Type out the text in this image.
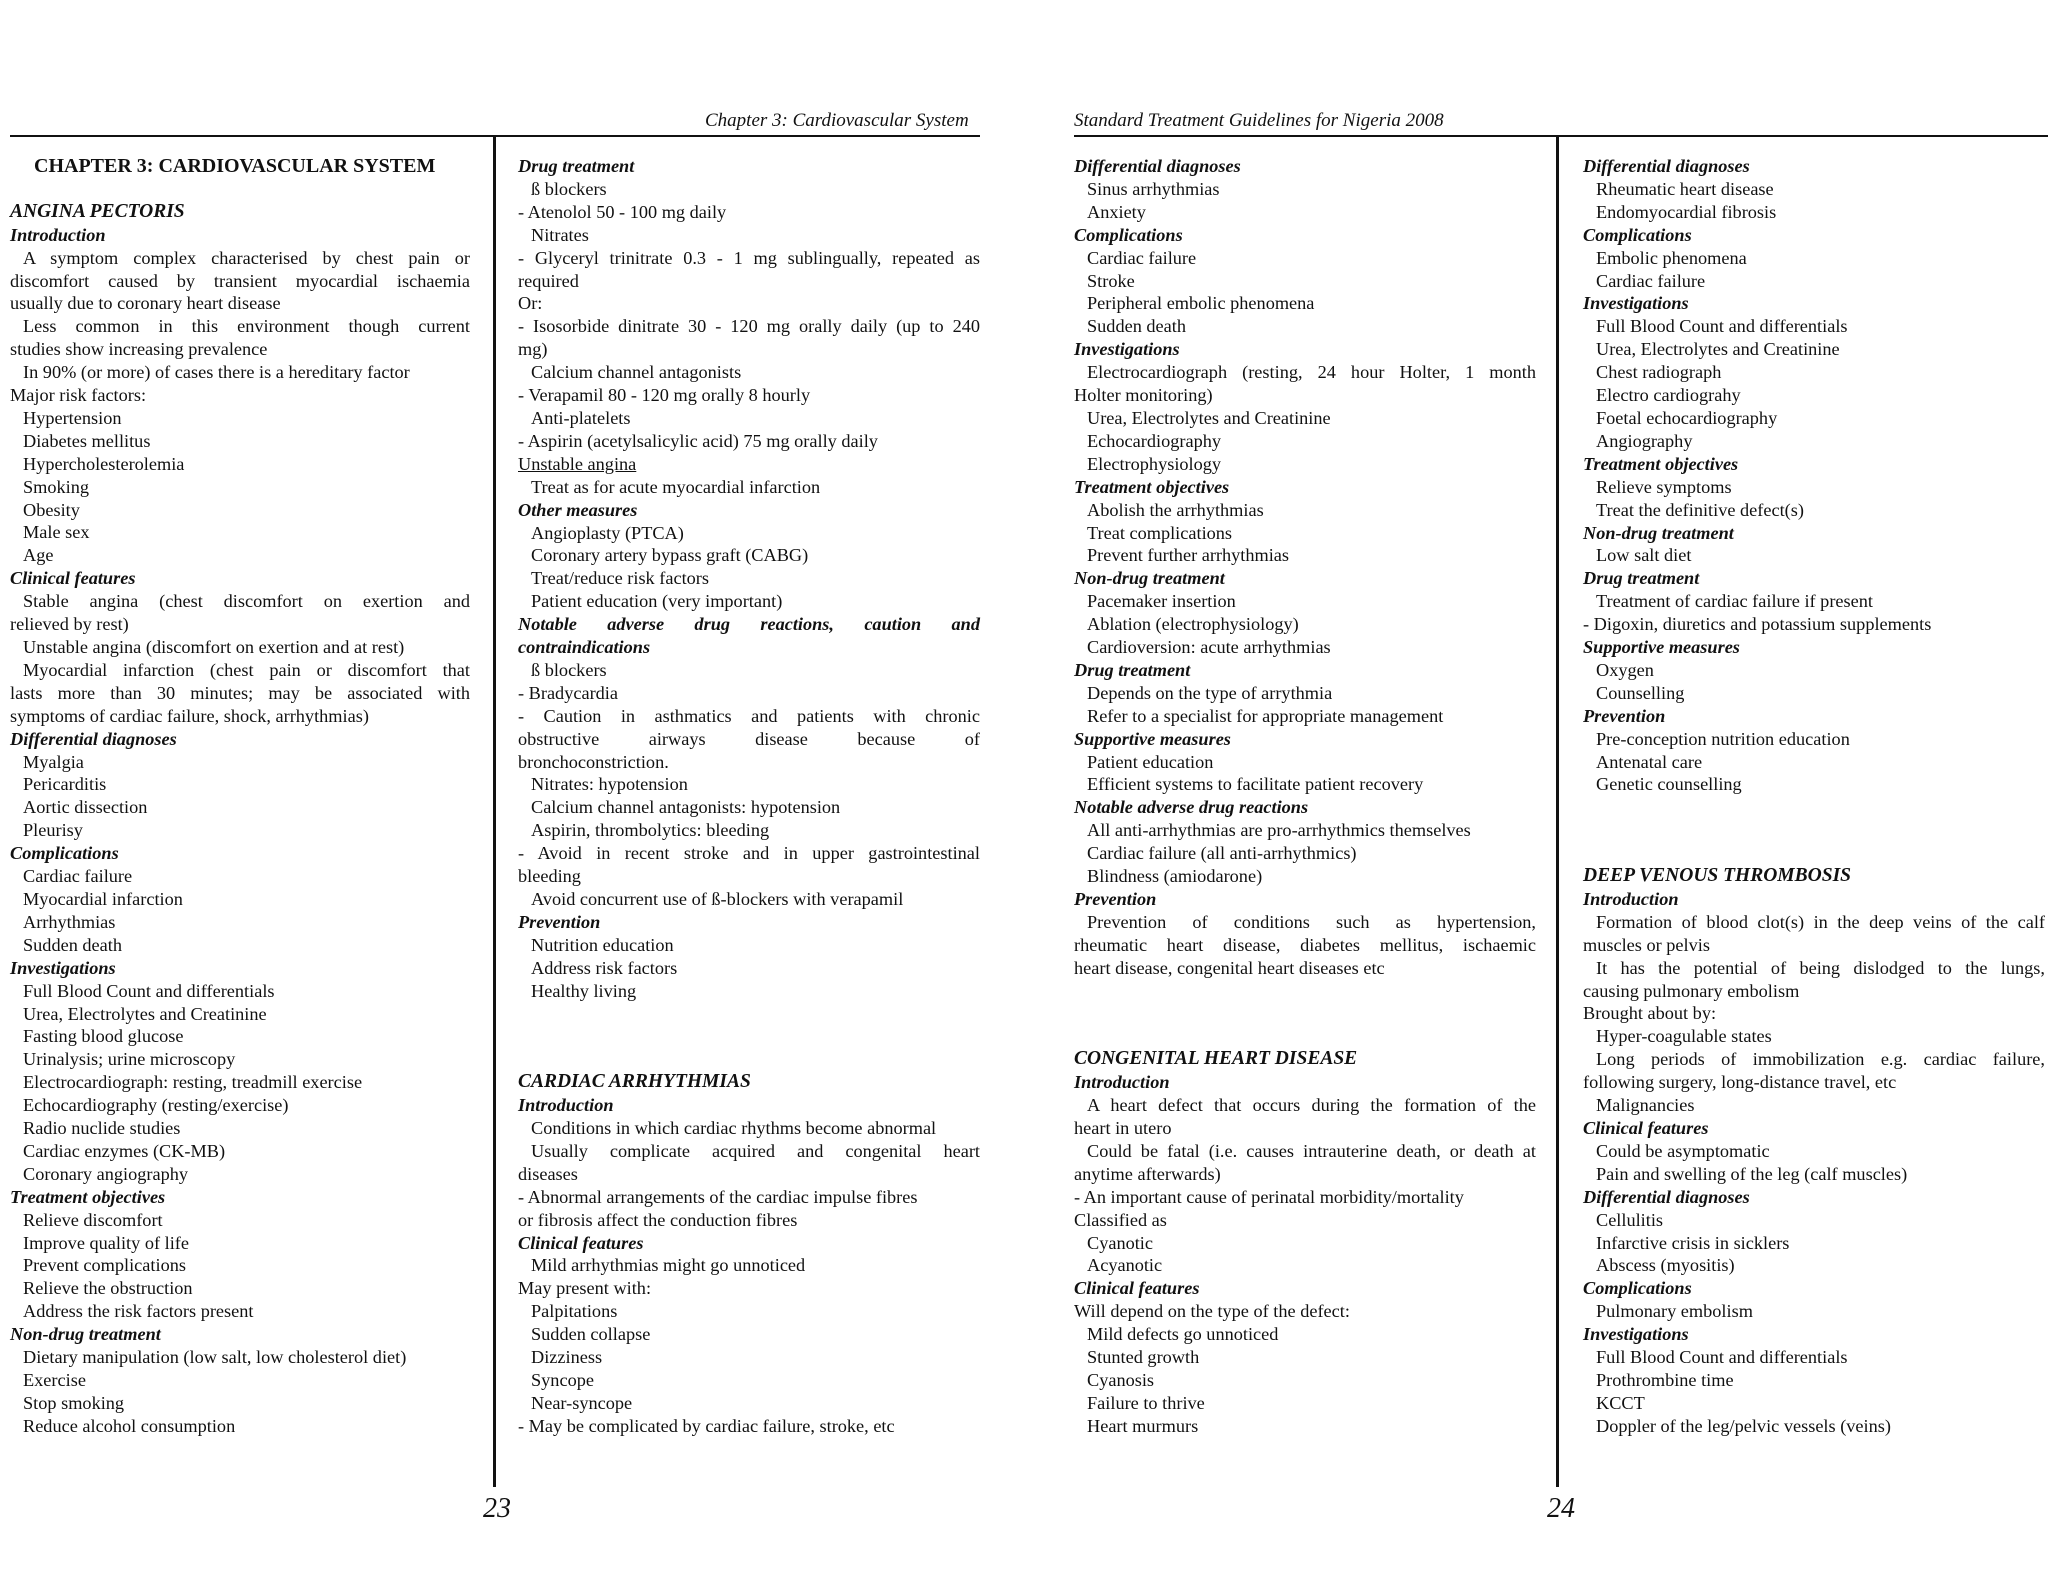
Chapter 3: Cardiovascular System	Standard Treatment Guidelines for Nigeria 2008
CHAPTER 3: CARDIOVASCULAR SYSTEM
ANGINA PECTORIS
Introduction
A symptom complex characterised by chest pain or
discomfort caused by transient myocardial ischaemia
usually due to coronary heart disease
Less common in this environment though current
studies show increasing prevalence
In 90% (or more) of cases there is a hereditary factor
Major risk factors:
Hypertension
Diabetes mellitus
Hypercholesterolemia
Smoking
Obesity
Male sex
Age
Clinical features
Stable angina (chest discomfort on exertion and
relieved by rest)
Unstable angina (discomfort on exertion and at rest)
Myocardial infarction (chest pain or discomfort that
lasts more than 30 minutes; may be associated with
symptoms of cardiac failure, shock, arrhythmias)
Differential diagnoses
Myalgia
Pericarditis
Aortic dissection
Pleurisy
Complications
Cardiac failure
Myocardial infarction
Arrhythmias
Sudden death
Investigations
Full Blood Count and differentials
Urea, Electrolytes and Creatinine
Fasting blood glucose
Urinalysis; urine microscopy
Electrocardiograph: resting, treadmill exercise
Echocardiography (resting/exercise)
Radio nuclide studies
Cardiac enzymes (CK-MB)
Coronary angiography
Treatment objectives
Relieve discomfort
Improve quality of life
Prevent complications
Relieve the obstruction
Address the risk factors present
Non-drug treatment
Dietary manipulation (low salt, low cholesterol diet)
Exercise
Stop smoking
Reduce alcohol consumption
Drug treatment
ß blockers
- Atenolol 50 - 100 mg daily
Nitrates
- Glyceryl trinitrate 0.3 - 1 mg sublingually, repeated as
required
Or:
- Isosorbide dinitrate 30 - 120 mg orally daily (up to 240
mg)
Calcium channel antagonists
- Verapamil 80 - 120 mg orally 8 hourly
Anti-platelets
- Aspirin (acetylsalicylic acid) 75 mg orally daily
Unstable angina
Treat as for acute myocardial infarction
Other measures
Angioplasty (PTCA)
Coronary artery bypass graft (CABG)
Treat/reduce risk factors
Patient education (very important)
Notable adverse drug reactions, caution and
contraindications
ß blockers
- Bradycardia
- Caution in asthmatics and patients with chronic
obstructive airways disease because of
bronchoconstriction.
Nitrates: hypotension
Calcium channel antagonists: hypotension
Aspirin, thrombolytics: bleeding
- Avoid in recent stroke and in upper gastrointestinal
bleeding
Avoid concurrent use of ß-blockers with verapamil
Prevention
Nutrition education
Address risk factors
Healthy living
CARDIAC ARRHYTHMIAS
Introduction
Conditions in which cardiac rhythms become abnormal
Usually complicate acquired and congenital heart
diseases
- Abnormal arrangements of the cardiac impulse fibres
or fibrosis affect the conduction fibres
Clinical features
Mild arrhythmias might go unnoticed
May present with:
Palpitations
Sudden collapse
Dizziness
Syncope
Near-syncope
- May be complicated by cardiac failure, stroke, etc
Differential diagnoses
Sinus arrhythmias
Anxiety
Complications
Cardiac failure
Stroke
Peripheral embolic phenomena
Sudden death
Investigations
Electrocardiograph (resting, 24 hour Holter, 1 month
Holter monitoring)
Urea, Electrolytes and Creatinine
Echocardiography
Electrophysiology
Treatment objectives
Abolish the arrhythmias
Treat complications
Prevent further arrhythmias
Non-drug treatment
Pacemaker insertion
Ablation (electrophysiology)
Cardioversion: acute arrhythmias
Drug treatment
Depends on the type of arrythmia
Refer to a specialist for appropriate management
Supportive measures
Patient education
Efficient systems to facilitate patient recovery
Notable adverse drug reactions
All anti-arrhythmias are pro-arrhythmics themselves
Cardiac failure (all anti-arrhythmics)
Blindness (amiodarone)
Prevention
Prevention of conditions such as hypertension,
rheumatic heart disease, diabetes mellitus, ischaemic
heart disease, congenital heart diseases etc
CONGENITAL HEART DISEASE
Introduction
A heart defect that occurs during the formation of the
heart in utero
Could be fatal (i.e. causes intrauterine death, or death at
anytime afterwards)
- An important cause of perinatal morbidity/mortality
Classified as
Cyanotic
Acyanotic
Clinical features
Will depend on the type of the defect:
Mild defects go unnoticed
Stunted growth
Cyanosis
Failure to thrive
Heart murmurs
Differential diagnoses
Rheumatic heart disease
Endomyocardial fibrosis
Complications
Embolic phenomena
Cardiac failure
Investigations
Full Blood Count and differentials
Urea, Electrolytes and Creatinine
Chest radiograph
Electro cardiograhy
Foetal echocardiography
Angiography
Treatment objectives
Relieve symptoms
Treat the definitive defect(s)
Non-drug treatment
Low salt diet
Drug treatment
Treatment of cardiac failure if present
- Digoxin, diuretics and potassium supplements
Supportive measures
Oxygen
Counselling
Prevention
Pre-conception nutrition education
Antenatal care
Genetic counselling
DEEP VENOUS THROMBOSIS
Introduction
Formation of blood clot(s) in the deep veins of the calf
muscles or pelvis
It has the potential of being dislodged to the lungs,
causing pulmonary embolism
Brought about by:
Hyper-coagulable states
Long periods of immobilization e.g. cardiac failure,
following surgery, long-distance travel, etc
Malignancies
Clinical features
Could be asymptomatic
Pain and swelling of the leg (calf muscles)
Differential diagnoses
Cellulitis
Infarctive crisis in sicklers
Abscess (myositis)
Complications
Pulmonary embolism
Investigations
Full Blood Count and differentials
Prothrombine time
KCCT
Doppler of the leg/pelvic vessels (veins)
23	24
